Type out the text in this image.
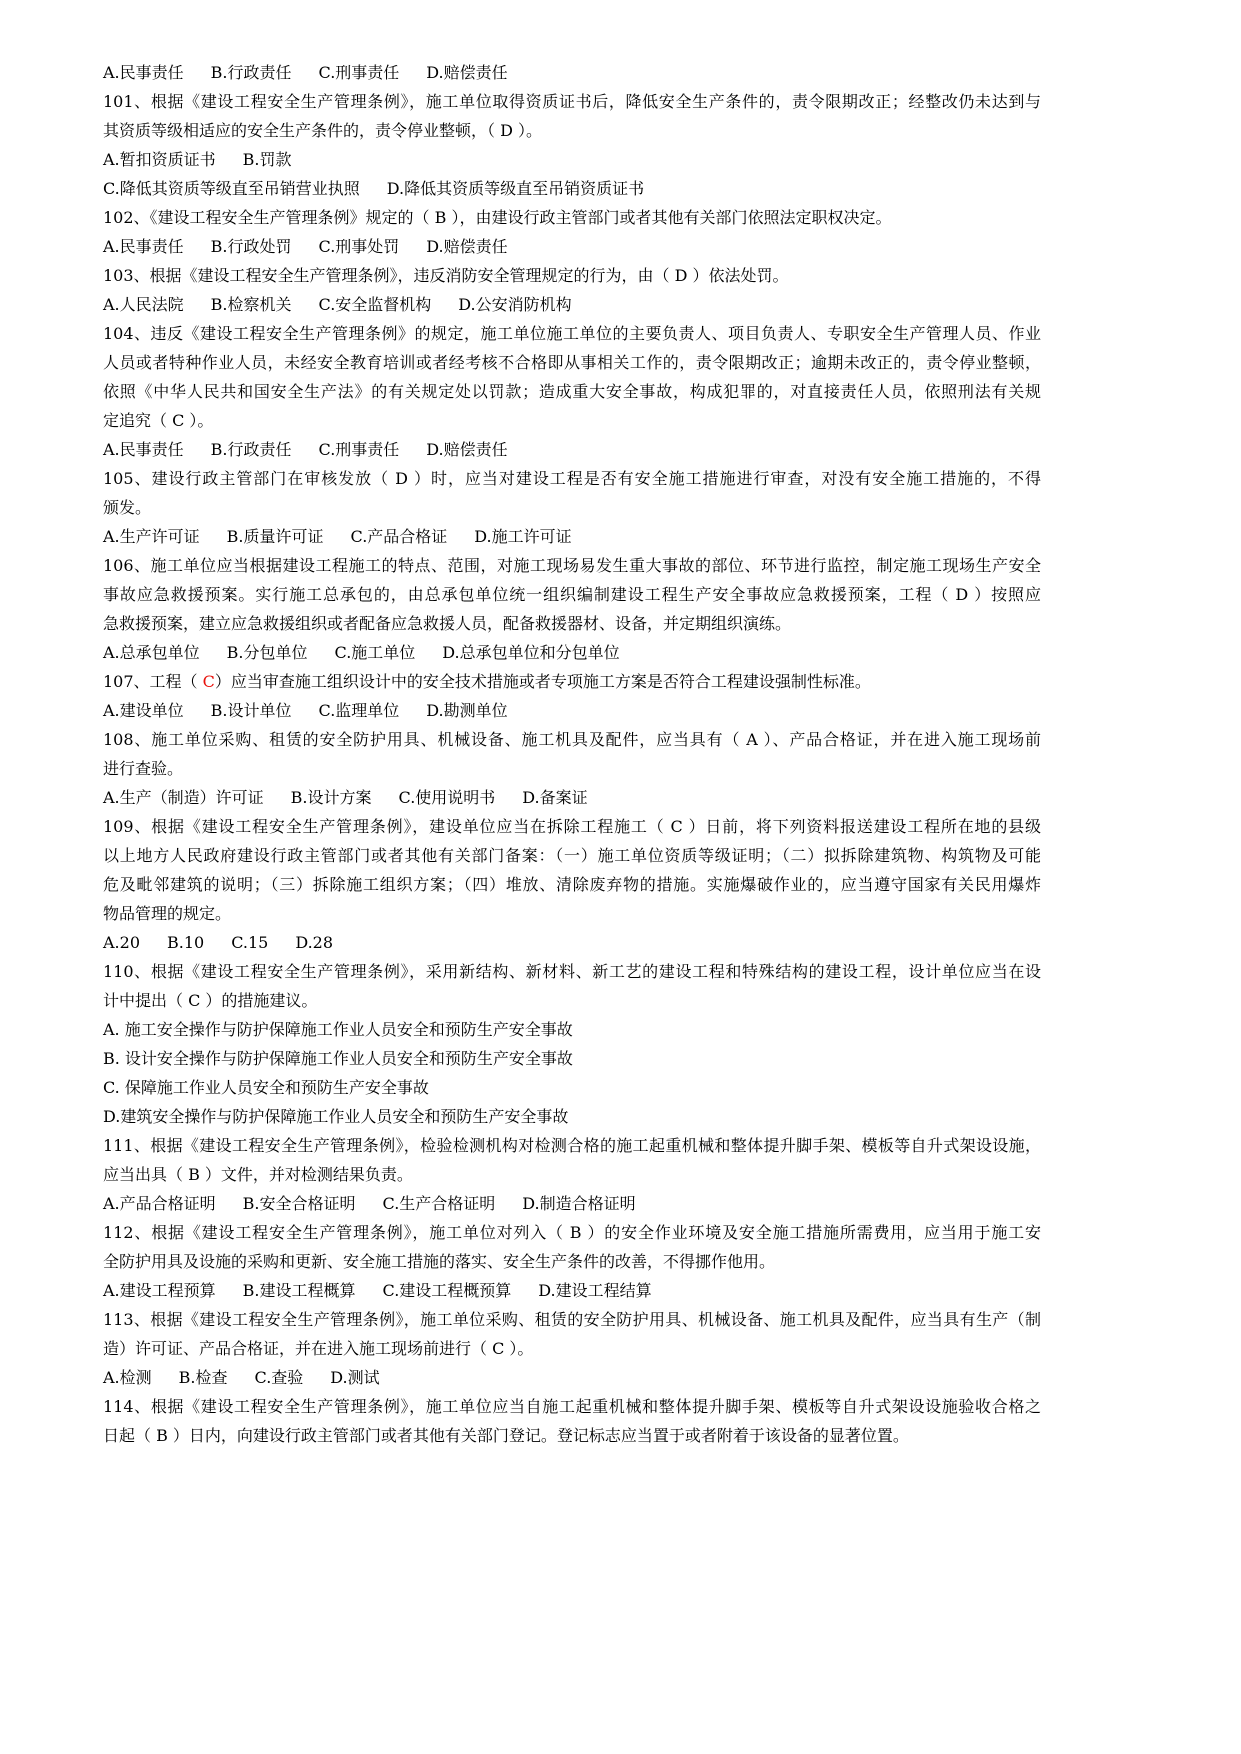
A.民事责任 B.行政责任 C.刑事责任 D.赔偿责任
101、根据《建设工程安全生产管理条例》，施工单位取得资质证书后，降低安全生产条件的，责令限期改正；经整改仍未达到与
其资质等级相适应的安全生产条件的，责令停业整顿，（ D ）。
A.暂扣资质证书 B.罚款
C.降低其资质等级直至吊销营业执照 D.降低其资质等级直至吊销资质证书
102、《建设工程安全生产管理条例》规定的（ B ），由建设行政主管部门或者其他有关部门依照法定职权决定。
A.民事责任 B.行政处罚 C.刑事处罚 D.赔偿责任
103、根据《建设工程安全生产管理条例》，违反消防安全管理规定的行为，由（ D ）依法处罚。
A.人民法院 B.检察机关 C.安全监督机构 D.公安消防机构
104、违反《建设工程安全生产管理条例》的规定，施工单位施工单位的主要负责人、项目负责人、专职安全生产管理人员、作业
人员或者特种作业人员，未经安全教育培训或者经考核不合格即从事相关工作的，责令限期改正；逾期未改正的，责令停业整顿，
依照《中华人民共和国安全生产法》的有关规定处以罚款；造成重大安全事故，构成犯罪的，对直接责任人员，依照刑法有关规
定追究（ C ）。
A.民事责任 B.行政责任 C.刑事责任 D.赔偿责任
105、建设行政主管部门在审核发放（ D ）时，应当对建设工程是否有安全施工措施进行审查，对没有安全施工措施的，不得
颁发。
A.生产许可证 B.质量许可证 C.产品合格证 D.施工许可证
106、施工单位应当根据建设工程施工的特点、范围，对施工现场易发生重大事故的部位、环节进行监控，制定施工现场生产安全
事故应急救援预案。实行施工总承包的，由总承包单位统一组织编制建设工程生产安全事故应急救援预案，工程（ D ）按照应
急救援预案，建立应急救援组织或者配备应急救援人员，配备救援器材、设备，并定期组织演练。
A.总承包单位 B.分包单位 C.施工单位 D.总承包单位和分包单位
107、工程（ C）应当审查施工组织设计中的安全技术措施或者专项施工方案是否符合工程建设强制性标准。
A.建设单位 B.设计单位 C.监理单位 D.勘测单位
108、施工单位采购、租赁的安全防护用具、机械设备、施工机具及配件，应当具有（ A ）、产品合格证，并在进入施工现场前
进行查验。
A.生产（制造）许可证 B.设计方案 C.使用说明书 D.备案证
109、根据《建设工程安全生产管理条例》，建设单位应当在拆除工程施工（ C ）日前，将下列资料报送建设工程所在地的县级
以上地方人民政府建设行政主管部门或者其他有关部门备案：（一）施工单位资质等级证明；（二）拟拆除建筑物、构筑物及可能
危及毗邻建筑的说明；（三）拆除施工组织方案；（四）堆放、清除废弃物的措施。实施爆破作业的，应当遵守国家有关民用爆炸
物品管理的规定。
A.20 B.10 C.15 D.28
110、根据《建设工程安全生产管理条例》，采用新结构、新材料、新工艺的建设工程和特殊结构的建设工程，设计单位应当在设
计中提出（ C ）的措施建议。
A. 施工安全操作与防护保障施工作业人员安全和预防生产安全事故
B. 设计安全操作与防护保障施工作业人员安全和预防生产安全事故
C. 保障施工作业人员安全和预防生产安全事故
D.建筑安全操作与防护保障施工作业人员安全和预防生产安全事故
111、根据《建设工程安全生产管理条例》，检验检测机构对检测合格的施工起重机械和整体提升脚手架、模板等自升式架设设施，
应当出具（ B ）文件，并对检测结果负责。
A.产品合格证明 B.安全合格证明 C.生产合格证明 D.制造合格证明
112、根据《建设工程安全生产管理条例》，施工单位对列入（ B ）的安全作业环境及安全施工措施所需费用，应当用于施工安
全防护用具及设施的采购和更新、安全施工措施的落实、安全生产条件的改善，不得挪作他用。
A.建设工程预算 B.建设工程概算 C.建设工程概预算 D.建设工程结算
113、根据《建设工程安全生产管理条例》，施工单位采购、租赁的安全防护用具、机械设备、施工机具及配件，应当具有生产（制
造）许可证、产品合格证，并在进入施工现场前进行（ C ）。
A.检测 B.检查 C.查验 D.测试
114、根据《建设工程安全生产管理条例》，施工单位应当自施工起重机械和整体提升脚手架、模板等自升式架设设施验收合格之
日起（ B ）日内，向建设行政主管部门或者其他有关部门登记。登记标志应当置于或者附着于该设备的显著位置。
